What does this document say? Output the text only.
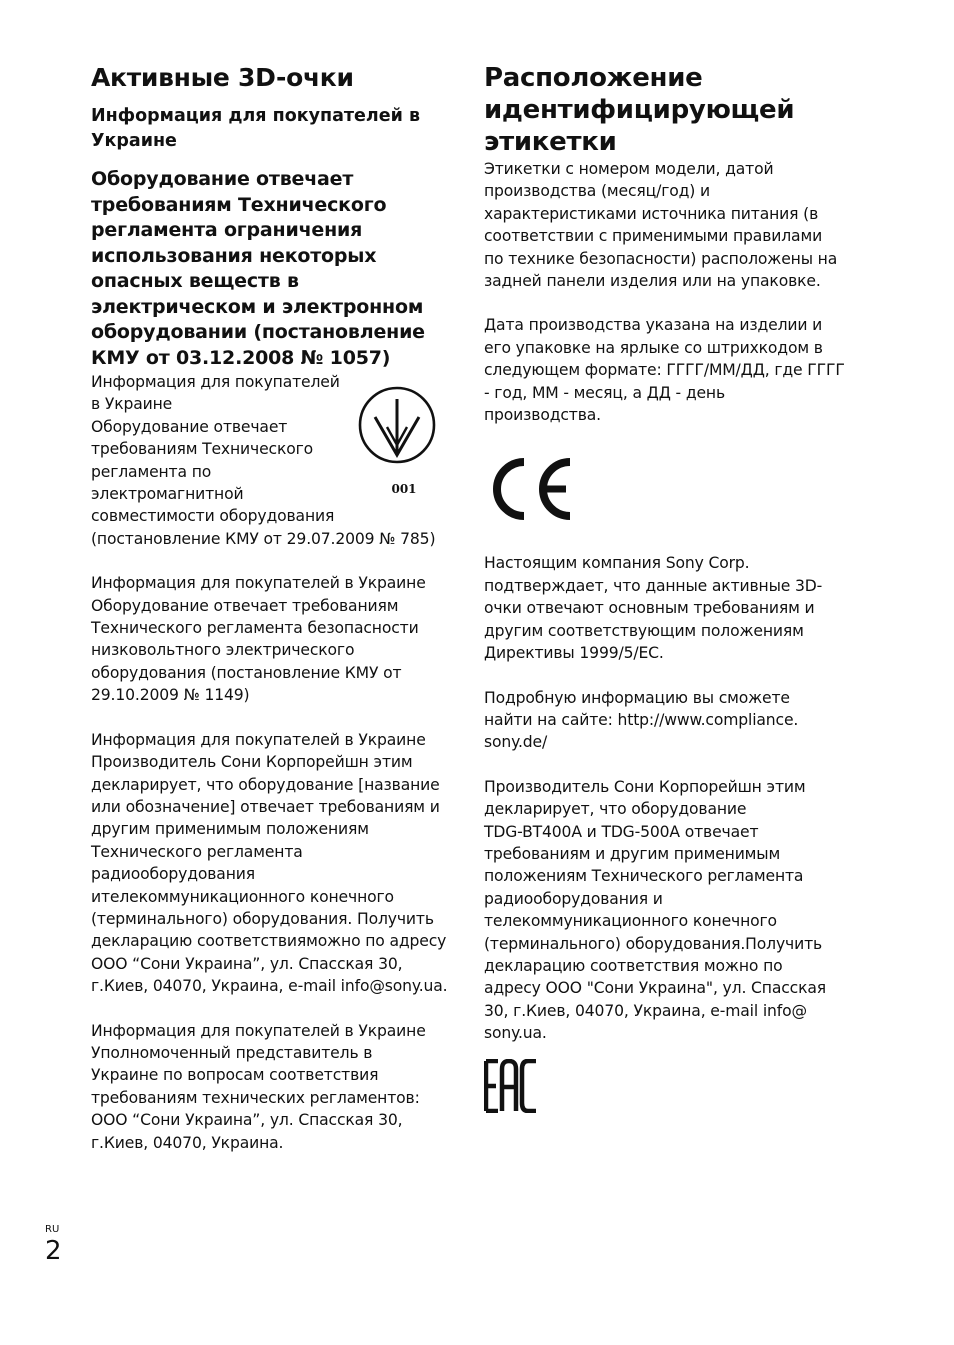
Активные 3D-очки
Информация для покупателей в Украине
Оборудование отвечает требованиям Технического регламента ограничения использования некоторых опасных веществ в электрическом и электронном оборудовании (постановление КМУ от 03.12.2008 № 1057)

Информация для покупателей
в Украине
Оборудование отвечает
требованиям Технического
регламента по
электромагнитной
совместимости оборудования
(постановление КМУ от 29.07.2009 № 785)

001

Информация для покупателей в Украине
Оборудование отвечает требованиям
Технического регламента безопасности
низковольтного электрического
оборудования (постановление КМУ от
29.10.2009 № 1149)

Информация для покупателей в Украине
Производитель Сони Корпорейшн этим
декларирует, что оборудование [название
или обозначение] отвечает требованиям и
другим применимым положениям
Технического регламента
радиооборудования
ителекоммуникационного конечного
(терминального) оборудования. Получить
декларацию соответствиям​ожно по адресу
ООО “Сони Украина”, ул. Спасская 30,
г.Киев, 04070, Украина, e-mail info@sony.ua.

Информация для покупателей в Украине
Уполномоченный представитель в
Украине по вопросам соответствия
требованиям технических регламентов:
ООО “Сони Украина”, ул. Спасская 30,
г.Киев, 04070, Украина.

Расположение идентифицирующей этикетки

Этикетки с номером модели, датой
производства (месяц/год) и
характеристиками источника питания (в
соответствии с применимыми правилами
по технике безопасности) расположены на
задней панели изделия или на упаковке.

Дата производства указана на изделии и
его упаковке на ярлыке со штрихкодом в
следующем формате: ГГГГ/ММ/ДД, где ГГГГ
- год, ММ - месяц, а ДД - день
производства.

Настоящим компания Sony Corp.
подтверждает, что данные активные 3D-
очки отвечают основным требованиям и
другим соответствующим положениям
Директивы 1999/5/EC.

Подробную информацию вы сможете
найти на сайте: http://www.compliance.
sony.de/

Производитель Сони Корпорейшн этим
декларирует, что оборудование
TDG-BT400A и TDG-500A отвечает
требованиям и другим применимым
положениям Технического регламента
радиооборудования и
телекоммуникационного конечного
(терминального) оборудования.Получить
декларацию соответствия можно по
адресу ООО "Сони Украина", ул. Спасская
30, г.Киев, 04070, Украина, e-mail info@
sony.ua.

RU
2
